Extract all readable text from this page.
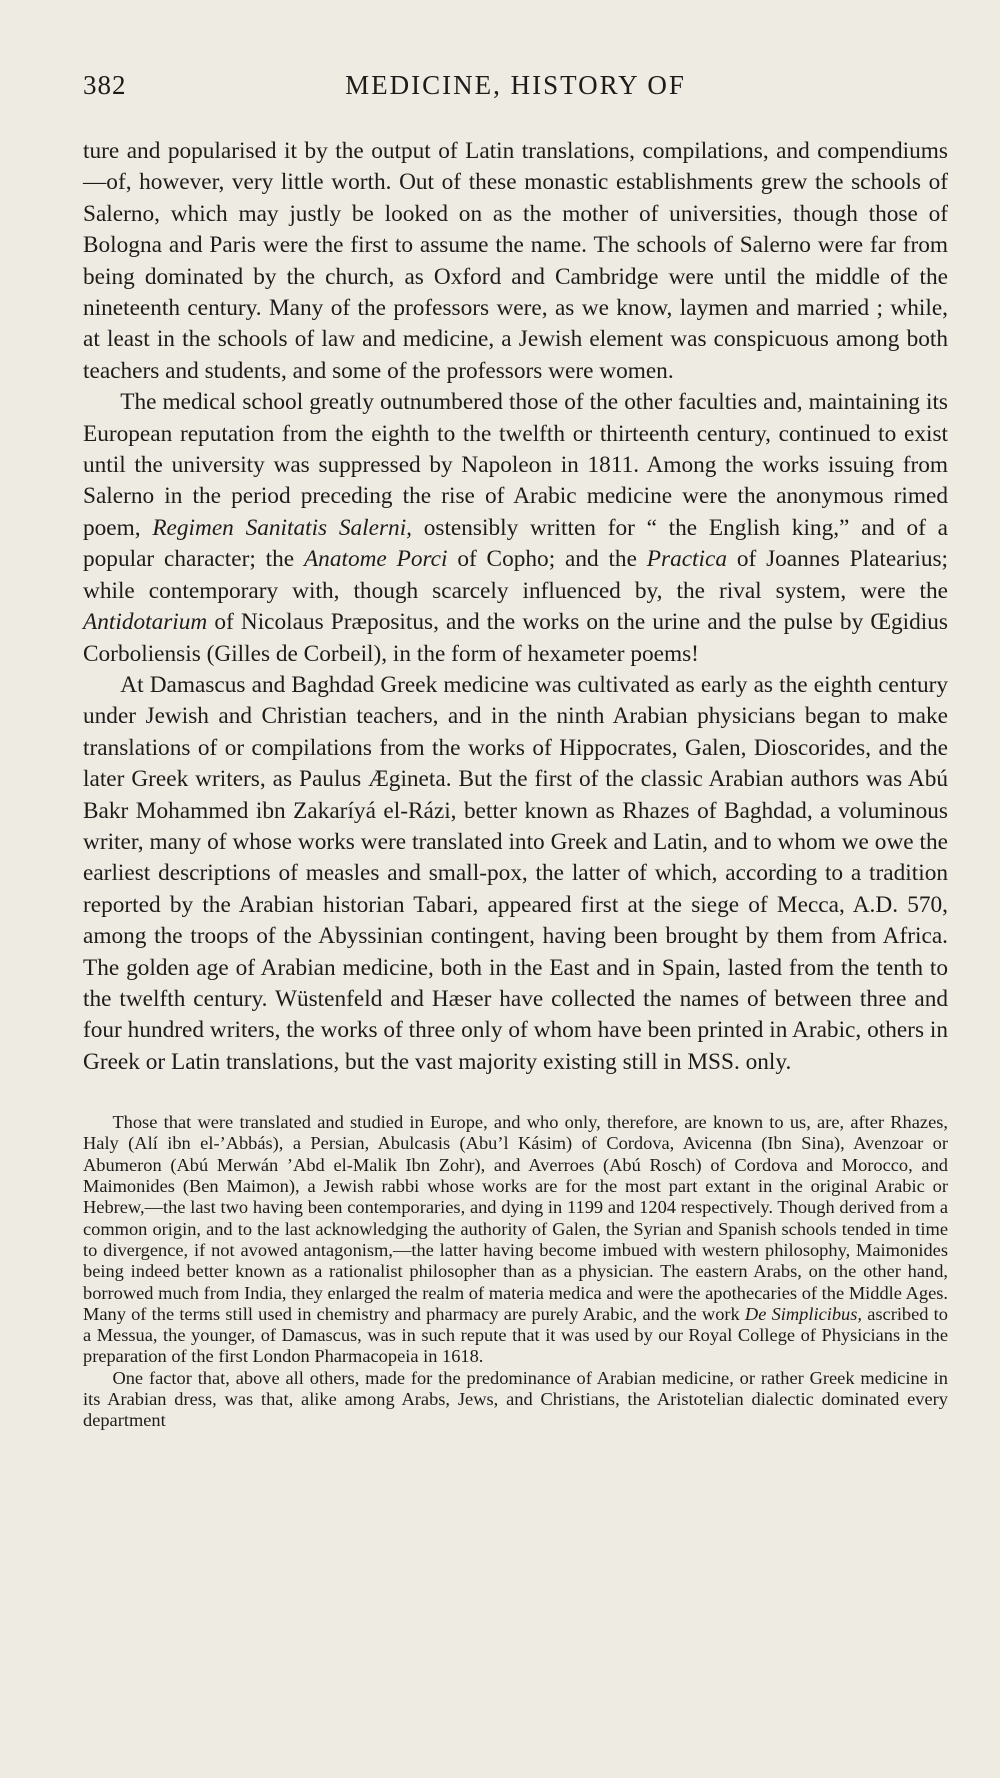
382	MEDICINE, HISTORY OF

ture and popularised it by the output of Latin translations, compilations, and compendiums—of, however, very little worth. Out of these monastic establishments grew the schools of Salerno, which may justly be looked on as the mother of universities, though those of Bologna and Paris were the first to assume the name. The schools of Salerno were far from being dominated by the church, as Oxford and Cambridge were until the middle of the nineteenth century. Many of the professors were, as we know, laymen and married ; while, at least in the schools of law and medicine, a Jewish element was conspicuous among both teachers and students, and some of the professors were women.

The medical school greatly outnumbered those of the other faculties and, maintaining its European reputation from the eighth to the twelfth or thirteenth century, continued to exist until the university was suppressed by Napoleon in 1811. Among the works issuing from Salerno in the period preceding the rise of Arabic medicine were the anonymous rimed poem, Regimen Sanitatis Salerni, ostensibly written for “ the English king,” and of a popular character; the Anatome Porci of Copho; and the Practica of Joannes Platearius; while contemporary with, though scarcely influenced by, the rival system, were the Antidotarium of Nicolaus Præpositus, and the works on the urine and the pulse by Œgidius Corboliensis (Gilles de Corbeil), in the form of hexameter poems!

At Damascus and Baghdad Greek medicine was cultivated as early as the eighth century under Jewish and Christian teachers, and in the ninth Arabian physicians began to make translations of or compilations from the works of Hippocrates, Galen, Dioscorides, and the later Greek writers, as Paulus Ægineta. But the first of the classic Arabian authors was Abú Bakr Mohammed ibn Zakaríyá el-Rázi, better known as Rhazes of Baghdad, a voluminous writer, many of whose works were translated into Greek and Latin, and to whom we owe the earliest descriptions of measles and small-pox, the latter of which, according to a tradition reported by the Arabian historian Tabari, appeared first at the siege of Mecca, A.D. 570, among the troops of the Abyssinian contingent, having been brought by them from Africa. The golden age of Arabian medicine, both in the East and in Spain, lasted from the tenth to the twelfth century. Wüstenfeld and Hæser have collected the names of between three and four hundred writers, the works of three only of whom have been printed in Arabic, others in Greek or Latin translations, but the vast majority existing still in MSS. only.

Those that were translated and studied in Europe, and who only, therefore, are known to us, are, after Rhazes, Haly (Alí ibn el-’Abbás), a Persian, Abulcasis (Abu’l Kásim) of Cordova, Avicenna (Ibn Sina), Avenzoar or Abumeron (Abú Merwán ’Abd el-Malik Ibn Zohr), and Averroes (Abú Rosch) of Cordova and Morocco, and Maimonides (Ben Maimon), a Jewish rabbi whose works are for the most part extant in the original Arabic or Hebrew,—the last two having been contemporaries, and dying in 1199 and 1204 respectively. Though derived from a common origin, and to the last acknowledging the authority of Galen, the Syrian and Spanish schools tended in time to divergence, if not avowed antagonism,—the latter having become imbued with western philosophy, Maimonides being indeed better known as a rationalist philosopher than as a physician. The eastern Arabs, on the other hand, borrowed much from India, they enlarged the realm of materia medica and were the apothecaries of the Middle Ages. Many of the terms still used in chemistry and pharmacy are purely Arabic, and the work De Simplicibus, ascribed to a Messua, the younger, of Damascus, was in such repute that it was used by our Royal College of Physicians in the preparation of the first London Pharmacopeia in 1618.

One factor that, above all others, made for the predominance of Arabian medicine, or rather Greek medicine in its Arabian dress, was that, alike among Arabs, Jews, and Christians, the Aristotelian dialectic dominated every department
